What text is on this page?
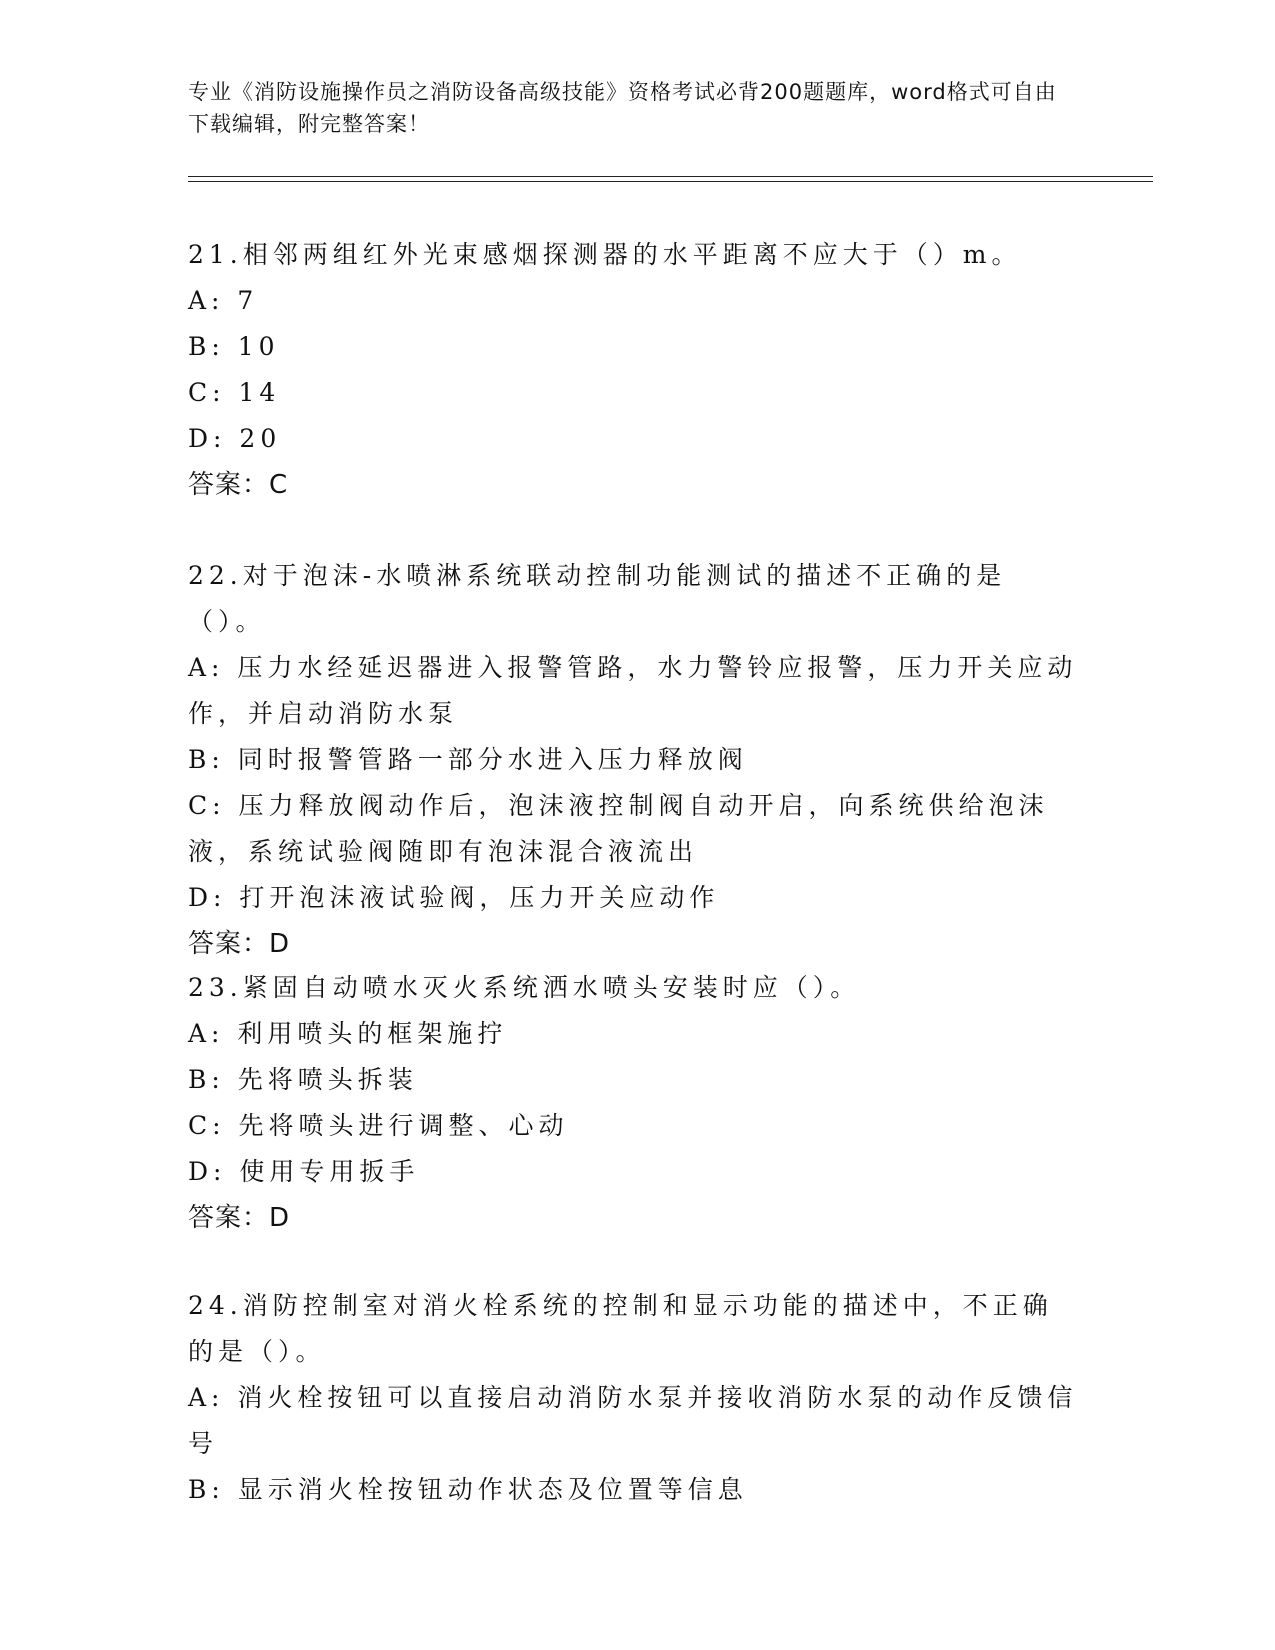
专业《消防设施操作员之消防设备高级技能》资格考试必背200题题库，word格式可自由下载编辑，附完整答案！

21.相邻两组红外光束感烟探测器的水平距离不应大于（）m。

A: 7

B: 10

C: 14

D: 20

答案：C

22.对于泡沫-水喷淋系统联动控制功能测试的描述不正确的是（）。

A: 压力水经延迟器进入报警管路，水力警铃应报警，压力开关应动作，并启动消防水泵

B: 同时报警管路一部分水进入压力释放阀

C: 压力释放阀动作后，泡沫液控制阀自动开启，向系统供给泡沫液，系统试验阀随即有泡沫混合液流出

D: 打开泡沫液试验阀，压力开关应动作

答案：D

23.紧固自动喷水灭火系统洒水喷头安装时应（）。

A: 利用喷头的框架施拧

B: 先将喷头拆装

C: 先将喷头进行调整、心动

D: 使用专用扳手

答案：D

24.消防控制室对消火栓系统的控制和显示功能的描述中，不正确的是（）。

A: 消火栓按钮可以直接启动消防水泵并接收消防水泵的动作反馈信号

B: 显示消火栓按钮动作状态及位置等信息
